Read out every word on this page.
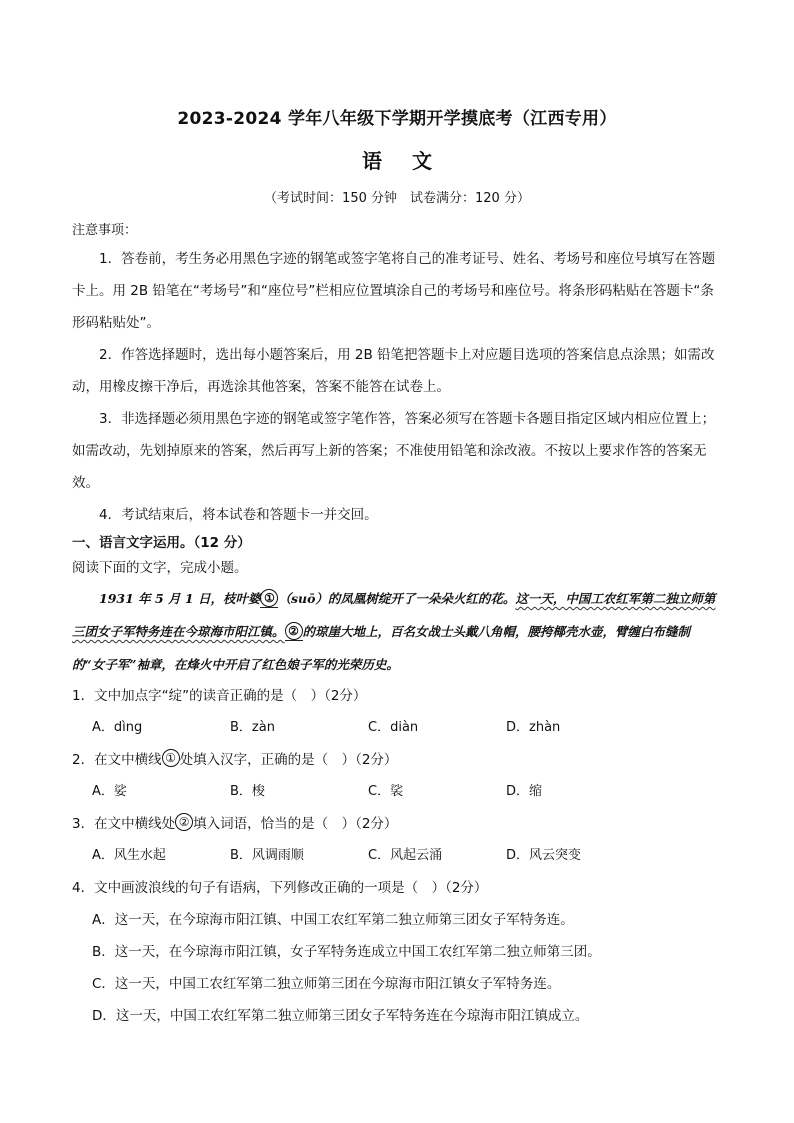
2023-2024 学年八年级下学期开学摸底考（江西专用）
语 文
（考试时间：150 分钟　试卷满分：120 分）
注意事项：
1．答卷前，考生务必用黑色字迹的钢笔或签字笔将自己的准考证号、姓名、考场号和座位号填写在答题卡上。用 2B 铅笔在“考场号”和“座位号”栏相应位置填涂自己的考场号和座位号。将条形码粘贴在答题卡“条形码粘贴处”。
2．作答选择题时，选出每小题答案后，用 2B 铅笔把答题卡上对应题目选项的答案信息点涂黑；如需改动，用橡皮擦干净后，再选涂其他答案，答案不能答在试卷上。
3．非选择题必须用黑色字迹的钢笔或签字笔作答，答案必须写在答题卡各题目指定区域内相应位置上；如需改动，先划掉原来的答案，然后再写上新的答案；不准使用铅笔和涂改液。不按以上要求作答的答案无效。
4．考试结束后，将本试卷和答题卡一并交回。
一、语言文字运用。（12 分）
阅读下面的文字，完成小题。
1931 年 5 月 1 日，枝叶婆 ① （suō）的凤凰树绽开了一朵朵火红的花。这一天，中国工农红军第二独立师第三团女子军特务连在今琼海市阳江镇。 ② 的琼崖大地上，百名女战士头戴八角帽，腰挎椰壳水壶，臂缠白布缝制的“女子军”袖章，在烽火中开启了红色娘子军的光荣历史。
1．文中加点字“绽”的读音正确的是（　）（2分）
A．dìng	B．zàn	C．diàn	D．zhàn
2．在文中横线 ① 处填入汉字，正确的是（　）（2分）
A．娑	B．梭	C．裟	D．缩
3．在文中横线处 ② 填入词语，恰当的是（　）（2分）
A．风生水起	B．风调雨顺	C．风起云涌	D．风云突变
4．文中画波浪线的句子有语病，下列修改正确的一项是（　）（2分）
A．这一天，在今琼海市阳江镇、中国工农红军第二独立师第三团女子军特务连。
B．这一天，在今琼海市阳江镇，女子军特务连成立中国工农红军第二独立师第三团。
C．这一天，中国工农红军第二独立师第三团在今琼海市阳江镇女子军特务连。
D．这一天，中国工农红军第二独立师第三团女子军特务连在今琼海市阳江镇成立。
